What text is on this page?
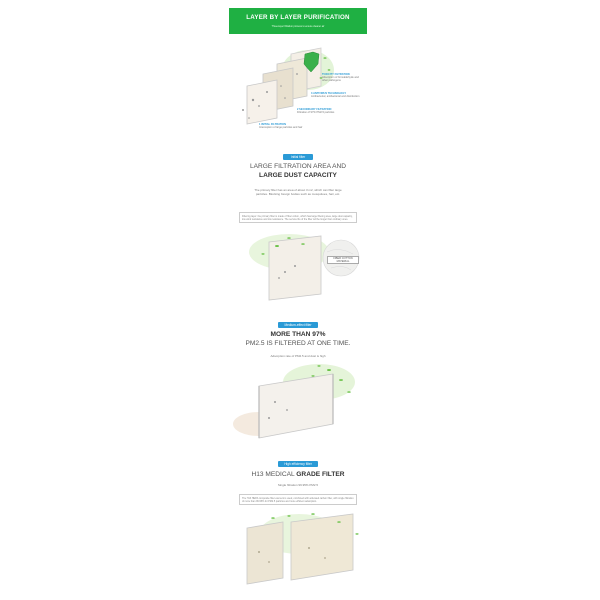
LAYER BY LAYER PURIFICATION
Three-layer filtration process to ensure cleaner air
TOXICITY FILTRATION
Absorption of formaldehyde and other pathogens
3 ANTIVIRUS TECHNOLOGY
Antibacterial, antibacterial and disinfection
2 SECONDARY FILTRATION
Filtration of 97% PM2.5 particles
1 INITIAL FILTRATION
Interception of large particles and hair
Initial filter
LARGE FILTRATION AREA AND
LARGE DUST CAPACITY
The primary filter has an area of about 3 m2, which can filter large particles. Blocking foreign bodies such as mosquitoes, hair, etc.
Filtering layer: the primary filter is made of fiber cotton, which has large filtering area, large dust capacity, low wind resistance and low resistance. The service life of the filter will be longer than ordinary ones.
FIBER COTTON MATERIAL
Medium-effect filter
MORE THAN 97%
PM2.5 IS FILTERED AT ONE TIME.
Adsorption rate of PM2.5 and dust is high
High efficiency filter
H13 MEDICAL GRADE FILTER
Single filtration 99.95% PM2.5
The H13 HEPA composite filter element is used, combined with activated carbon filter, with single filtration of more than 99.95% for PM2.5 particles and more efficient adsorption.
